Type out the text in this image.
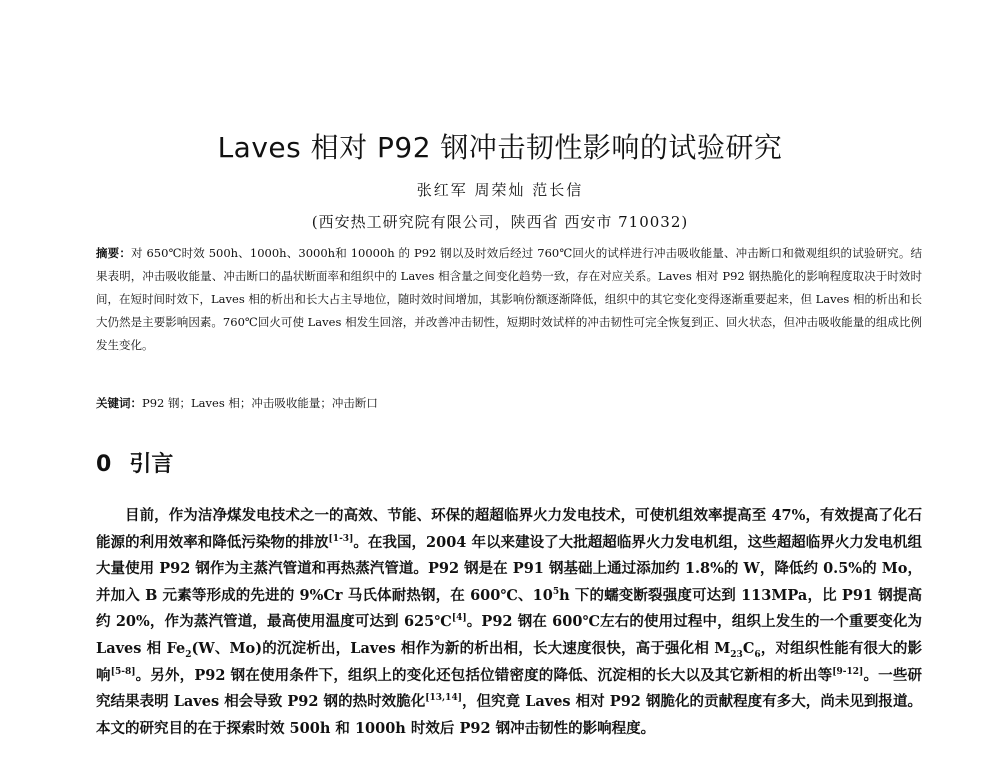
Laves 相对 P92 钢冲击韧性影响的试验研究
张红军 周荣灿 范长信
(西安热工研究院有限公司，陕西省 西安市 710032)

摘要：对 650℃时效 500h、1000h、3000h和 10000h 的 P92 钢以及时效后经过 760℃回火的试样进行冲击吸收能量、冲击断口和微观组织的试验研究。结果表明，冲击吸收能量、冲击断口的晶状断面率和组织中的 Laves 相含量之间变化趋势一致，存在对应关系。Laves 相对 P92 钢热脆化的影响程度取决于时效时间，在短时间时效下，Laves 相的析出和长大占主导地位，随时效时间增加，其影响份额逐渐降低，组织中的其它变化变得逐渐重要起来，但 Laves 相的析出和长大仍然是主要影响因素。760℃回火可使 Laves 相发生回溶，并改善冲击韧性，短期时效试样的冲击韧性可完全恢复到正、回火状态，但冲击吸收能量的组成比例发生变化。

关键词：P92 钢；Laves 相；冲击吸收能量；冲击断口

0 引言

目前，作为洁净煤发电技术之一的高效、节能、环保的超超临界火力发电技术，可使机组效率提高至 47%，有效提高了化石能源的利用效率和降低污染物的排放[1-3]。在我国，2004 年以来建设了大批超超临界火力发电机组，这些超超临界火力发电机组大量使用 P92 钢作为主蒸汽管道和再热蒸汽管道。P92 钢是在 P91 钢基础上通过添加约 1.8%的 W，降低约 0.5%的 Mo，并加入 B 元素等形成的先进的 9%Cr 马氏体耐热钢，在 600℃、$10^5h$ 下的蠕变断裂强度可达到 113MPa，比 P91 钢提高约 20%，作为蒸汽管道，最高使用温度可达到 625℃[4]。P92 钢在 600℃左右的使用过程中，组织上发生的一个重要变化为 Laves 相 $Fe_2(W$、Mo)的沉淀析出，Laves 相作为新的析出相，长大速度很快，高于强化相 $M_{23}C_6$，对组织性能有很大的影响[5-8]。另外，P92 钢在使用条件下，组织上的变化还包括位错密度的降低、沉淀相的长大以及其它新相的析出等[9-12]。一些研究结果表明 Laves 相会导致 P92 钢的热时效脆化[13,14]，但究竟 Laves 相对 P92 钢脆化的贡献程度有多大，尚未见到报道。本文的研究目的在于探索时效 500h 和 1000h 时效后 P92 钢冲击韧性的影响程度。
